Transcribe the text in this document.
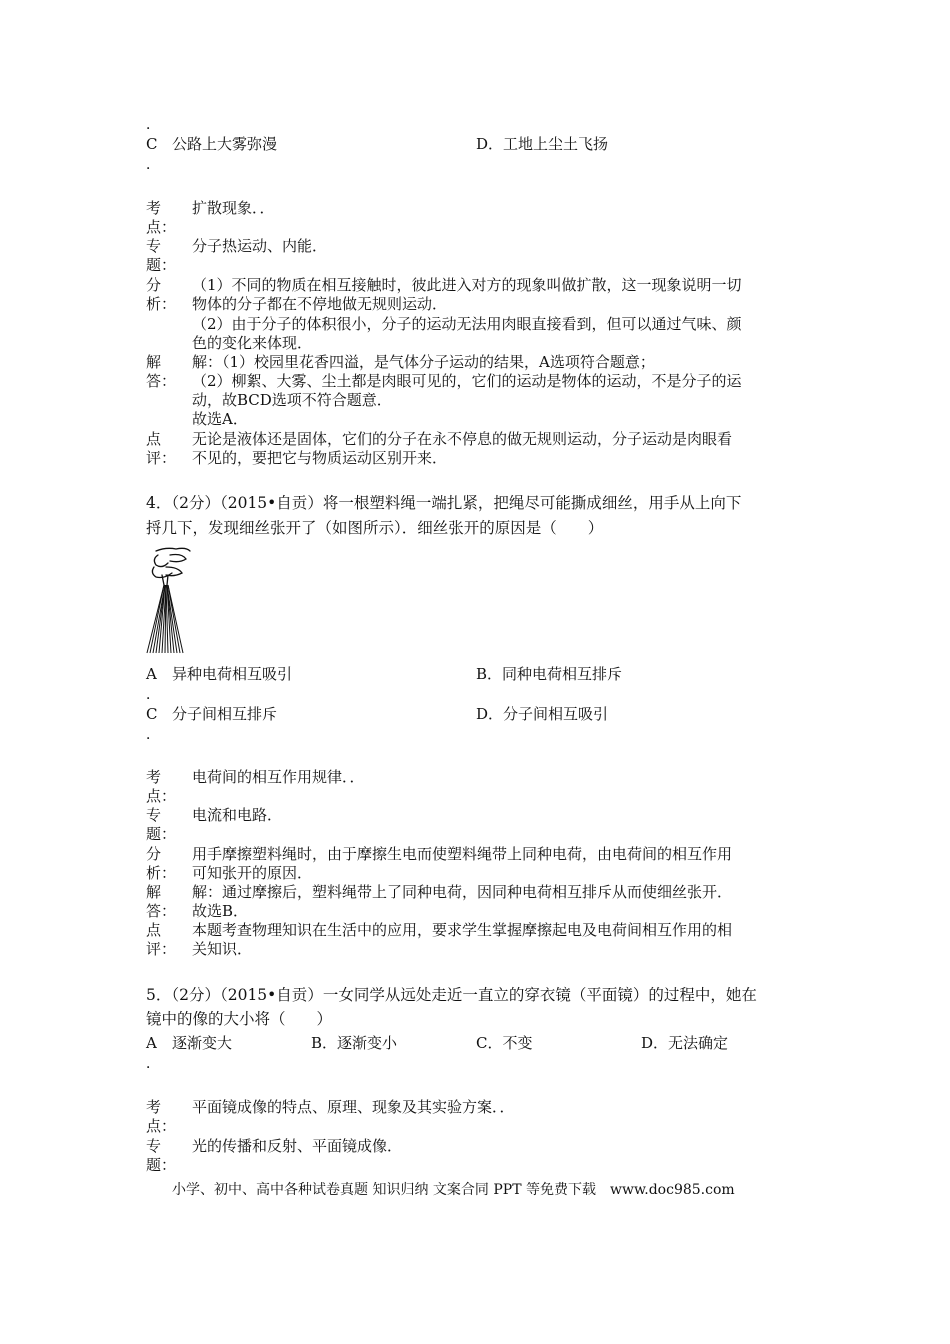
．
C 公路上大雾弥漫	D． 工地上尘土飞扬
．
考 扩散现象．．
点：
专 分子热运动、内能．
题：
分 （1）不同的物质在相互接触时，彼此进入对方的现象叫做扩散，这一现象说明一切
析： 物体的分子都在不停地做无规则运动．
（2）由于分子的体积很小，分子的运动无法用肉眼直接看到，但可以通过气味、颜
色的变化来体现．
解 解：（1）校园里花香四溢，是气体分子运动的结果，A选项符合题意；
答： （2）柳絮、大雾、尘土都是肉眼可见的，它们的运动是物体的运动，不是分子的运
动，故BCD选项不符合题意．
故选A．
点 无论是液体还是固体，它们的分子在永不停息的做无规则运动，分子运动是肉眼看
评： 不见的，要把它与物质运动区别开来．
4．（2分）（2015•自贡）将一根塑料绳一端扎紧，把绳尽可能撕成细丝，用手从上向下
捋几下，发现细丝张开了（如图所示）．细丝张开的原因是（　　）
A 异种电荷相互吸引	B．同种电荷相互排斥
．
C 分子间相互排斥	D．分子间相互吸引
．
考 电荷间的相互作用规律．．
点：
专 电流和电路．
题：
分 用手摩擦塑料绳时，由于摩擦生电而使塑料绳带上同种电荷，由电荷间的相互作用
析： 可知张开的原因．
解 解：通过摩擦后，塑料绳带上了同种电荷，因同种电荷相互排斥从而使细丝张开．
答： 故选B．
点 本题考查物理知识在生活中的应用，要求学生掌握摩擦起电及电荷间相互作用的相
评： 关知识．
5．（2分）（2015•自贡）一女同学从远处走近一直立的穿衣镜（平面镜）的过程中，她在
镜中的像的大小将（　　）
A 逐渐变大	B．逐渐变小	C．不变	D．无法确定
．
考 平面镜成像的特点、原理、现象及其实验方案．．
点：
专 光的传播和反射、平面镜成像．
题：
小学、初中、高中各种试卷真题 知识归纳 文案合同 PPT 等免费下载　www.doc985.com
